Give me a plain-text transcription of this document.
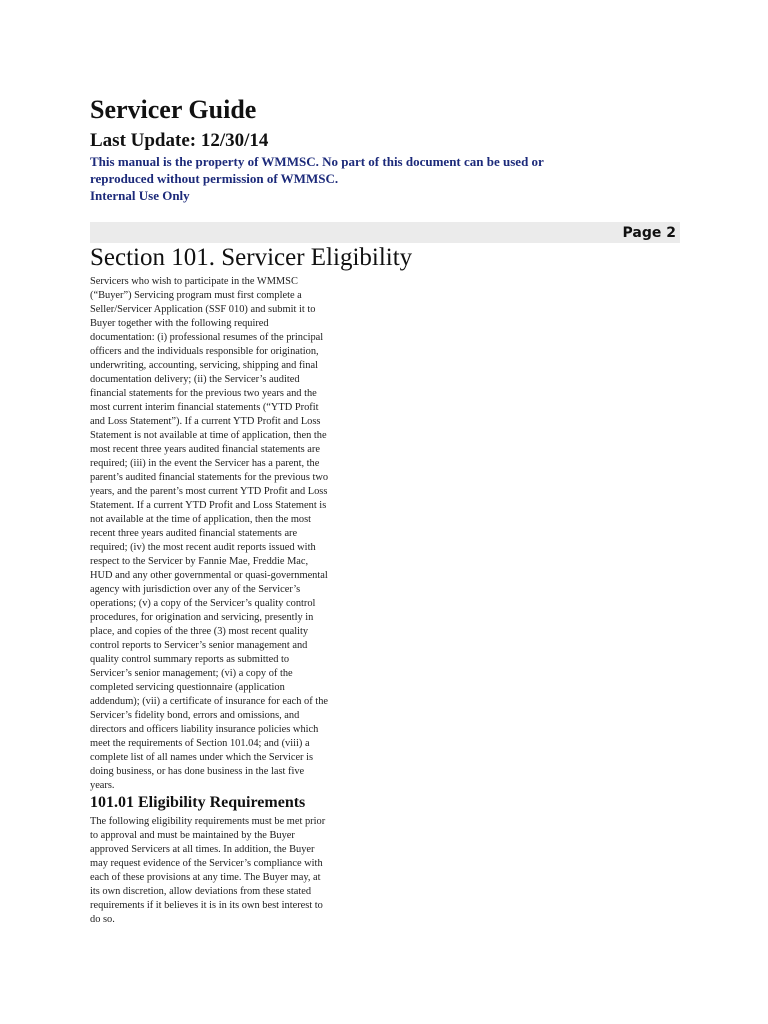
Servicer Guide
Last Update: 12/30/14
This manual is the property of WMMSC. No part of this document can be used or
reproduced without permission of WMMSC.
Internal Use Only
Page 2
Section 101. Servicer Eligibility
Servicers who wish to participate in the WMMSC
(“Buyer”) Servicing program must first complete a
Seller/Servicer Application (SSF 010) and submit it to
Buyer together with the following required
documentation: (i) professional resumes of the principal
officers and the individuals responsible for origination,
underwriting, accounting, servicing, shipping and final
documentation delivery; (ii) the Servicer’s audited
financial statements for the previous two years and the
most current interim financial statements (“YTD Profit
and Loss Statement”). If a current YTD Profit and Loss
Statement is not available at time of application, then the
most recent three years audited financial statements are
required; (iii) in the event the Servicer has a parent, the
parent’s audited financial statements for the previous two
years, and the parent’s most current YTD Profit and Loss
Statement. If a current YTD Profit and Loss Statement is
not available at the time of application, then the most
recent three years audited financial statements are
required; (iv) the most recent audit reports issued with
respect to the Servicer by Fannie Mae, Freddie Mac,
HUD and any other governmental or quasi-governmental
agency with jurisdiction over any of the Servicer’s
operations; (v) a copy of the Servicer’s quality control
procedures, for origination and servicing, presently in
place, and copies of the three (3) most recent quality
control reports to Servicer’s senior management and
quality control summary reports as submitted to
Servicer’s senior management; (vi) a copy of the
completed servicing questionnaire (application
addendum); (vii) a certificate of insurance for each of the
Servicer’s fidelity bond, errors and omissions, and
directors and officers liability insurance policies which
meet the requirements of Section 101.04; and (viii) a
complete list of all names under which the Servicer is
doing business, or has done business in the last five
years.
101.01 Eligibility Requirements
The following eligibility requirements must be met prior
to approval and must be maintained by the Buyer
approved Servicers at all times. In addition, the Buyer
may request evidence of the Servicer’s compliance with
each of these provisions at any time. The Buyer may, at
its own discretion, allow deviations from these stated
requirements if it believes it is in its own best interest to
do so.
